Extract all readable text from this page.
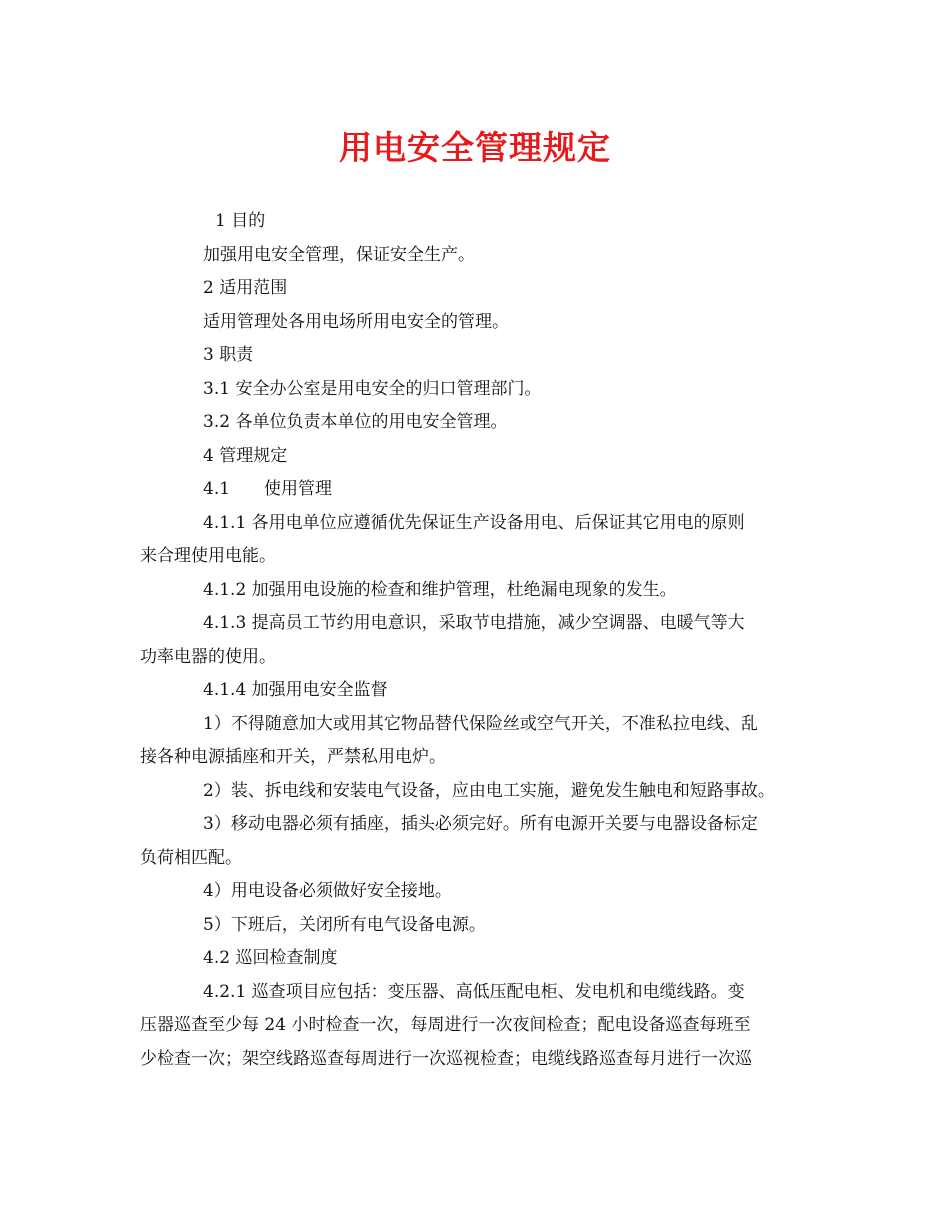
用电安全管理规定

1 目的

加强用电安全管理，保证安全生产。

2 适用范围

适用管理处各用电场所用电安全的管理。

3 职责

3.1 安全办公室是用电安全的归口管理部门。

3.2 各单位负责本单位的用电安全管理。

4 管理规定

4.1　　使用管理

4.1.1 各用电单位应遵循优先保证生产设备用电、后保证其它用电的原则

来合理使用电能。

4.1.2 加强用电设施的检查和维护管理，杜绝漏电现象的发生。

4.1.3 提高员工节约用电意识，采取节电措施，减少空调器、电暖气等大

功率电器的使用。

4.1.4 加强用电安全监督

1）不得随意加大或用其它物品替代保险丝或空气开关，不准私拉电线、乱

接各种电源插座和开关，严禁私用电炉。

2）装、拆电线和安装电气设备，应由电工实施，避免发生触电和短路事故。

3）移动电器必须有插座，插头必须完好。所有电源开关要与电器设备标定

负荷相匹配。

4）用电设备必须做好安全接地。

5）下班后，关闭所有电气设备电源。

4.2 巡回检查制度

4.2.1 巡查项目应包括：变压器、高低压配电柜、发电机和电缆线路。变

压器巡查至少每 24 小时检查一次，每周进行一次夜间检查；配电设备巡查每班至

少检查一次；架空线路巡查每周进行一次巡视检查；电缆线路巡查每月进行一次巡
